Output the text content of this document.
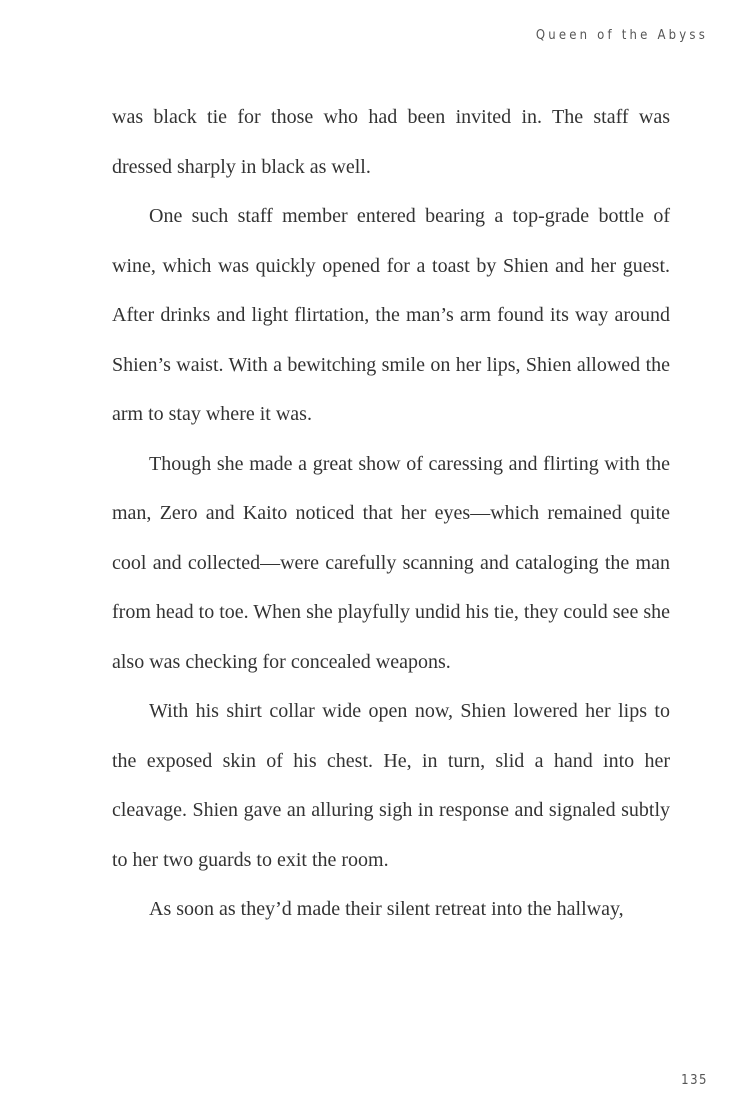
Queen of the Abyss

was black tie for those who had been invited in. The staff was dressed sharply in black as well.

One such staff member entered bearing a top-grade bottle of wine, which was quickly opened for a toast by Shien and her guest. After drinks and light flirtation, the man’s arm found its way around Shien’s waist. With a bewitching smile on her lips, Shien allowed the arm to stay where it was.

Though she made a great show of caressing and flirting with the man, Zero and Kaito noticed that her eyes—which remained quite cool and collected—were carefully scanning and cataloging the man from head to toe. When she playfully undid his tie, they could see she also was checking for concealed weapons.

With his shirt collar wide open now, Shien lowered her lips to the exposed skin of his chest. He, in turn, slid a hand into her cleavage. Shien gave an alluring sigh in response and signaled subtly to her two guards to exit the room.

As soon as they’d made their silent retreat into the hallway,

135
